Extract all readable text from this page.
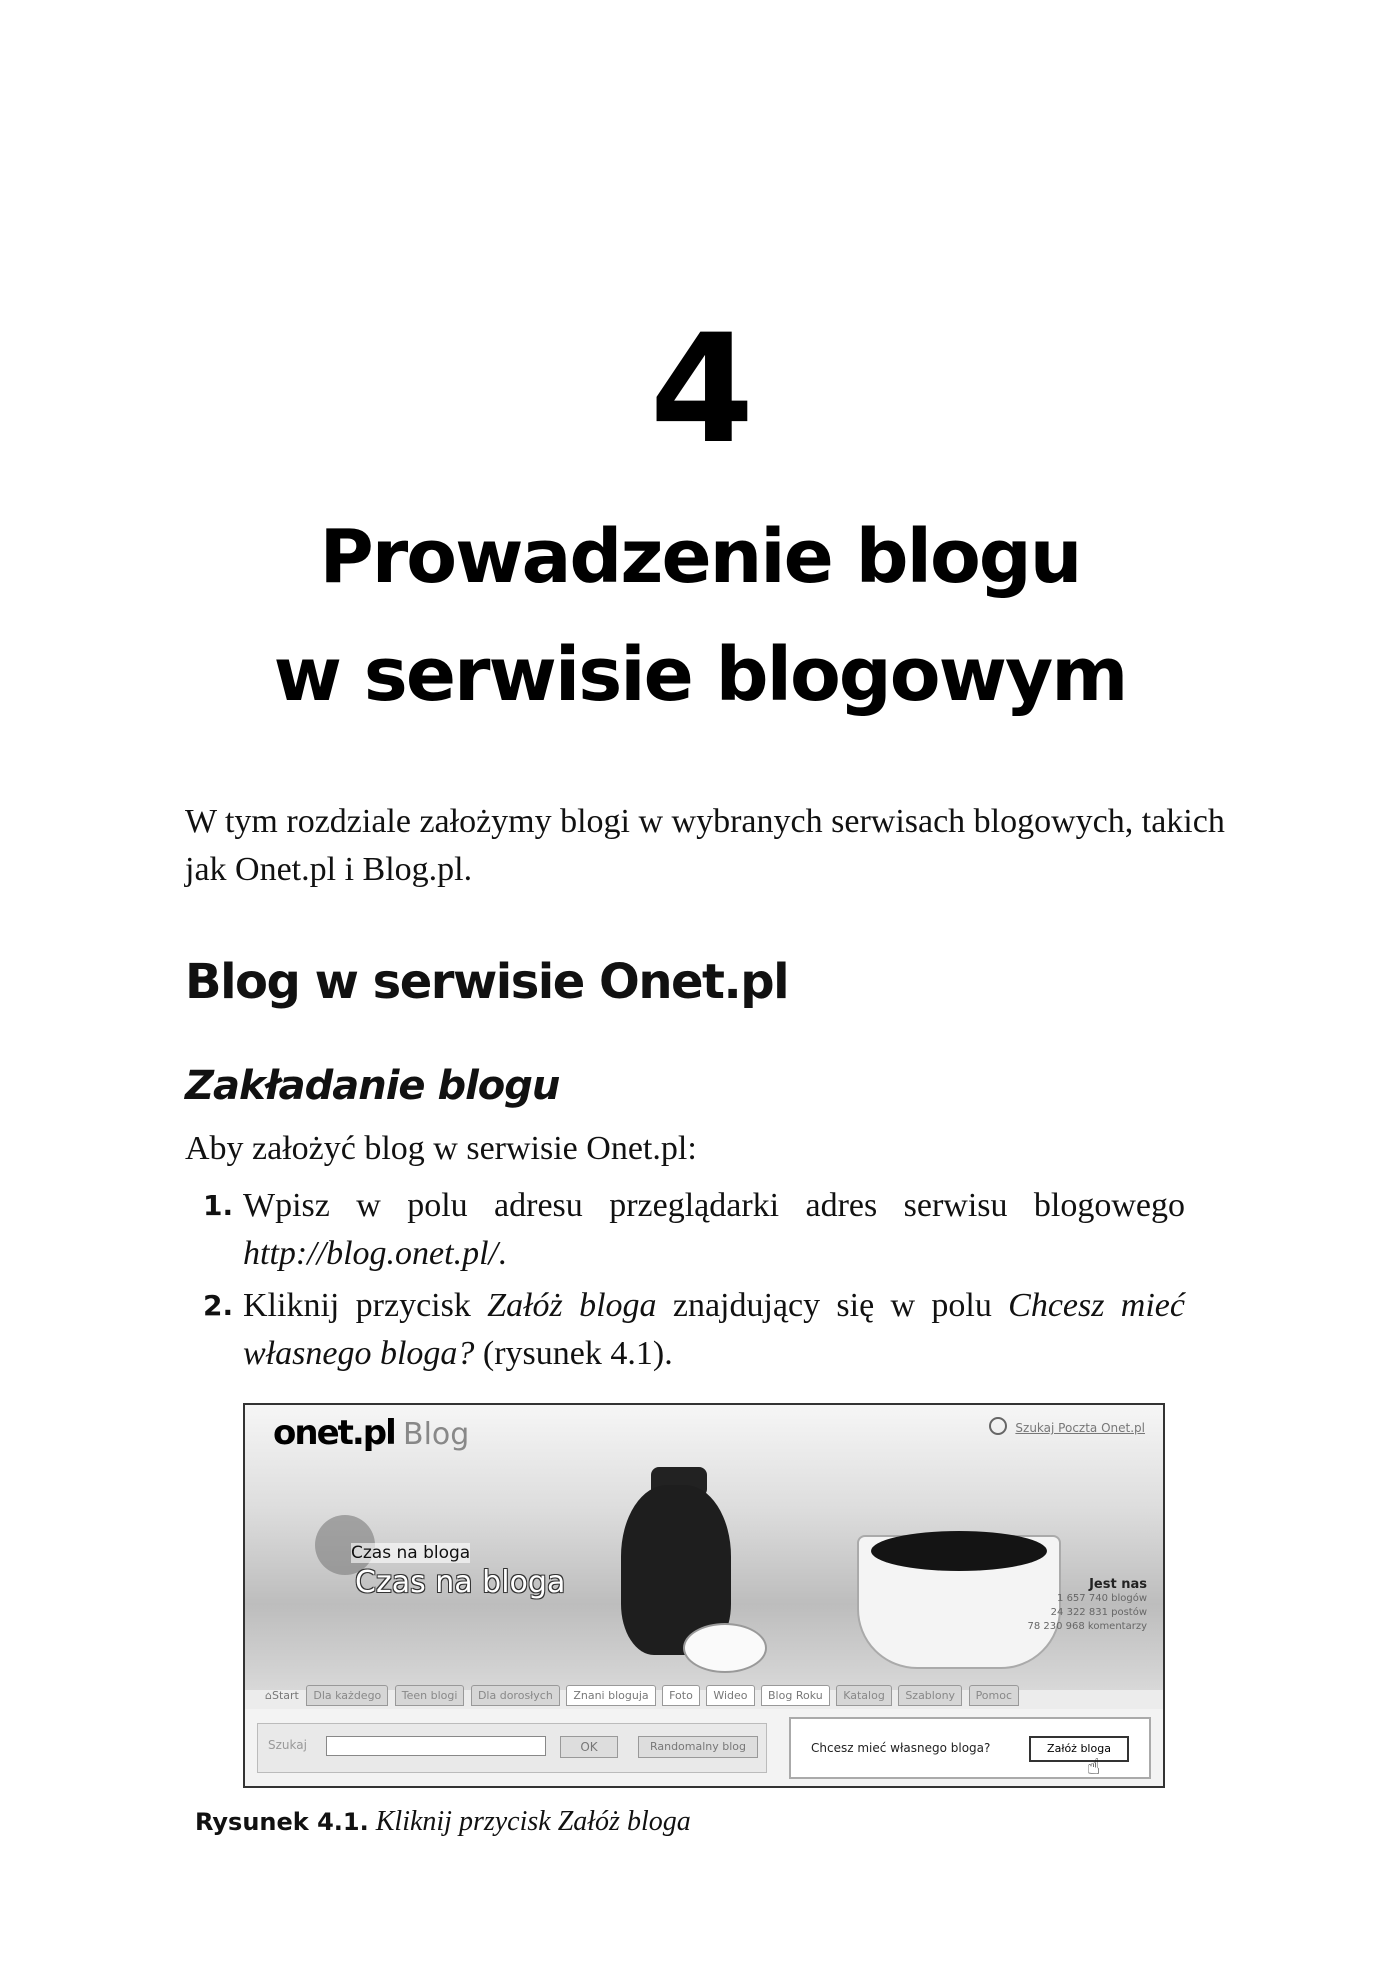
4
Prowadzenie blogu
w serwisie blogowym
W tym rozdziale założymy blogi w wybranych serwisach blogowych, takich jak Onet.pl i Blog.pl.
Blog w serwisie Onet.pl
Zakładanie blogu
Aby założyć blog w serwisie Onet.pl:
1. Wpisz w polu adresu przeglądarki adres serwisu blogowego http://blog.onet.pl/.
2. Kliknij przycisk Załóż bloga znajdujący się w polu Chcesz mieć własnego bloga? (rysunek 4.1).
onet.pl Blog	Szukaj Poczta Onet.pl
Czas na bloga
Czas na bloga	Jest nas
1 657 740 blogów
24 322 831 postów
78 230 968 komentarzy
⌂Start Dla każdego Teen blogi Dla dorosłych Znani bloguja Foto Wideo Blog Roku Katalog Szablony Pomoc
Szukaj	OK	Randomalny blog	Chcesz mieć własnego bloga?	Załóż bloga
☝
Rysunek 4.1. Kliknij przycisk Załóż bloga
